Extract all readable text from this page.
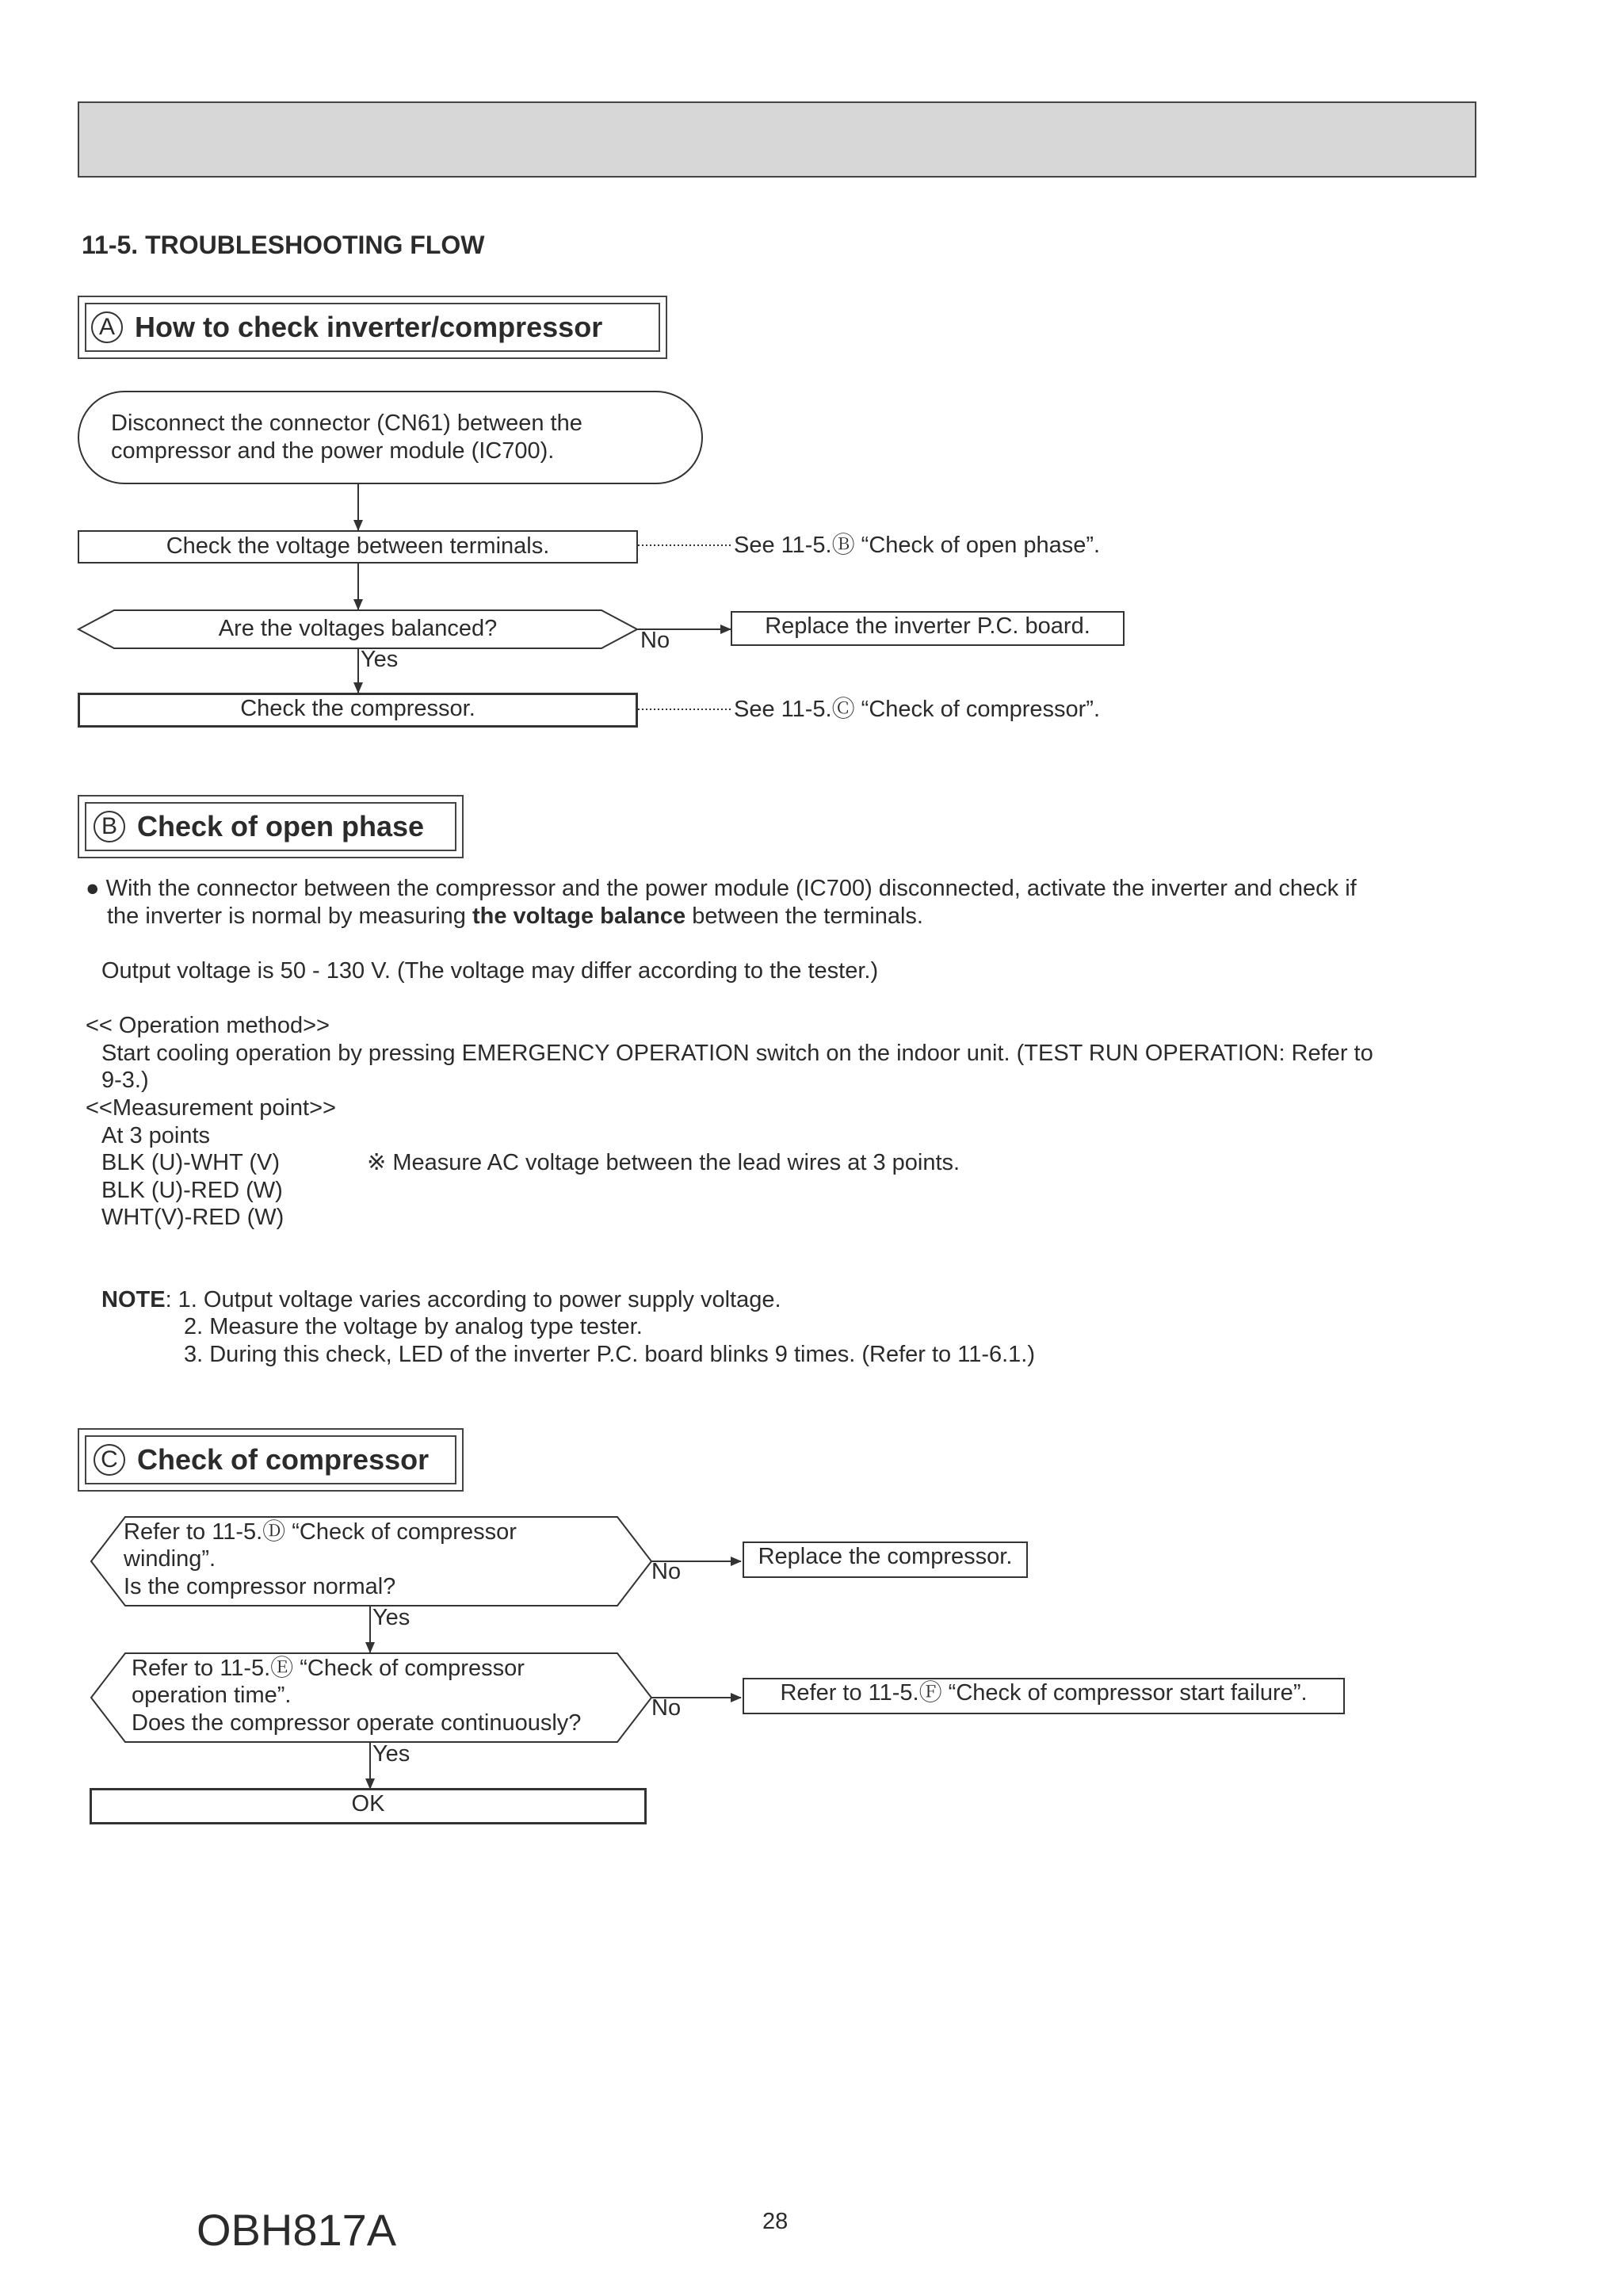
11-5. TROUBLESHOOTING FLOW
A How to check inverter/compressor
Disconnect the connector (CN61) between the
compressor and the power module (IC700).
Check the voltage between terminals.	See 11-5.Ⓑ “Check of open phase”.
Are the voltages balanced?	No
Replace the inverter P.C. board.
Yes
Check the compressor.	See 11-5.Ⓒ “Check of compressor”.
B Check of open phase
● With the connector between the compressor and the power module (IC700) disconnected, activate the inverter and check if
the inverter is normal by measuring the voltage balance between the terminals.
Output voltage is 50 - 130 V. (The voltage may differ according to the tester.)
<< Operation method>>
Start cooling operation by pressing EMERGENCY OPERATION switch on the indoor unit. (TEST RUN OPERATION: Refer to
9-3.)
<<Measurement point>>
At 3 points
BLK (U)-WHT (V)
BLK (U)-RED (W)
WHT(V)-RED (W)
※ Measure AC voltage between the lead wires at 3 points.
NOTE: 1. Output voltage varies according to power supply voltage.
2. Measure the voltage by analog type tester.
3. During this check, LED of the inverter P.C. board blinks 9 times. (Refer to 11-6.1.)
C Check of compressor
Refer to 11-5.Ⓓ “Check of compressor
winding”.
Is the compressor normal?
No
Replace the compressor.
Yes
Refer to 11-5.Ⓔ “Check of compressor
operation time”.
Does the compressor operate continuously?
No
Refer to 11-5.Ⓕ “Check of compressor start failure”.
Yes
OK
OBH817A	28
